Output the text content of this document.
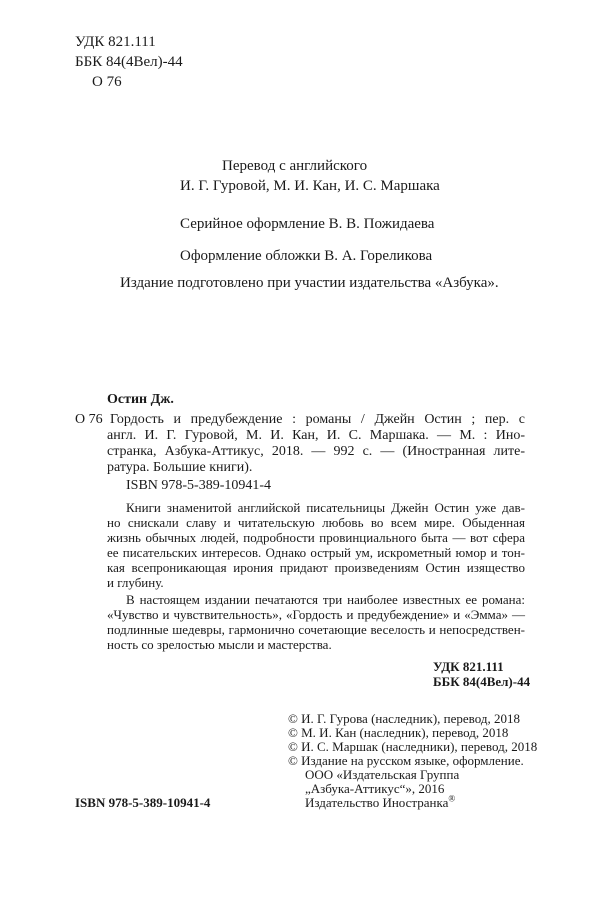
УДК 821.111
ББК 84(4Вел)-44
О 76
Перевод с английского
И. Г. Гуровой, М. И. Кан, И. С. Маршака
Серийное оформление В. В. Пожидаева
Оформление обложки В. А. Гореликова
Издание подготовлено при участии издательства «Азбука».
Остин Дж.
О 76 Гордость и предубеждение : романы / Джейн Остин ; пер. с
англ. И. Г. Гуровой, М. И. Кан, И. С. Маршака. — М. : Ино-
странка, Азбука-Аттикус, 2018. — 992 с. — (Иностранная лите-
ратура. Большие книги).
ISBN 978-5-389-10941-4
Книги знаменитой английской писательницы Джейн Остин уже дав-
но снискали славу и читательскую любовь во всем мире. Обыденная
жизнь обычных людей, подробности провинциального быта — вот сфера
ее писательских интересов. Однако острый ум, искрометный юмор и тон-
кая всепроникающая ирония придают произведениям Остин изящество
и глубину.
В настоящем издании печатаются три наиболее известных ее романа:
«Чувство и чувствительность», «Гордость и предубеждение» и «Эмма» —
подлинные шедевры, гармонично сочетающие веселость и непосредствен-
ность со зрелостью мысли и мастерства.
УДК 821.111
ББК 84(4Вел)-44
© И. Г. Гурова (наследник), перевод, 2018
© М. И. Кан (наследник), перевод, 2018
© И. С. Маршак (наследники), перевод, 2018
© Издание на русском языке, оформление.
ООО «Издательская Группа
„Азбука-Аттикус“», 2016
Издательство Иностранка®
ISBN 978-5-389-10941-4
